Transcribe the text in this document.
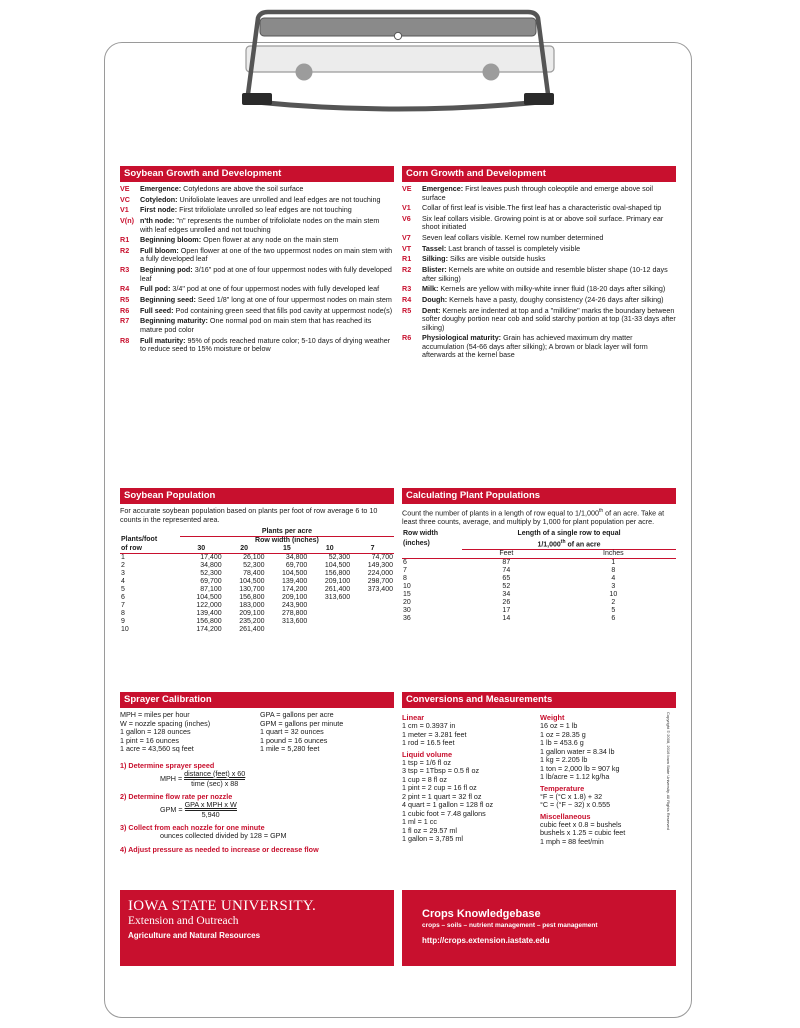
Soybean Growth and Development
VE	Emergence: Cotyledons are above the soil surface
VC	Cotyledon: Unifoliolate leaves are unrolled and leaf edges are not touching
V1	First node: First trifoliolate unrolled so leaf edges are not touching
V(n) n'th node: "n" represents the number of trifoliolate nodes on the main stem with leaf edges unrolled and not touching
R1	Beginning bloom: Open flower at any node on the main stem
R2	Full bloom: Open flower at one of the two uppermost nodes on main stem with a fully developed leaf
R3	Beginning pod: 3/16" pod at one of four uppermost nodes with fully developed leaf
R4	Full pod: 3/4" pod at one of four uppermost nodes with fully developed leaf
R5	Beginning seed: Seed 1/8" long at one of four uppermost nodes on main stem
R6	Full seed: Pod containing green seed that fills pod cavity at uppermost node(s)
R7	Beginning maturity: One normal pod on main stem that has reached its mature pod color
R8	Full maturity: 95% of pods reached mature color; 5-10 days of drying weather to reduce seed to 15% moisture or below
Corn Growth and Development
VE	Emergence: First leaves push through coleoptile and emerge above soil surface
V1	Collar of first leaf is visible.The first leaf has a characteristic oval-shaped tip
V6	Six leaf collars visible. Growing point is at or above soil surface. Primary ear shoot initiated
V7	Seven leaf collars visible. Kernel row number determined
VT	Tassel: Last branch of tassel is completely visible
R1	Silking: Silks are visible outside husks
R2	Blister: Kernels are white on outside and resemble blister shape (10-12 days after silking)
R3	Milk: Kernels are yellow with milky-white inner fluid (18-20 days after silking)
R4	Dough: Kernels have a pasty, doughy consistency (24-26 days after silking)
R5	Dent: Kernels are indented at top and a "milkline" marks the boundary between softer doughy portion near cob and solid starchy portion at top (31-33 days after silking)
R6	Physiological maturity: Grain has achieved maximum dry matter accumulation (54-66 days after silking); A brown or black layer will form afterwards at the kernel base
Soybean Population
For accurate soybean population based on plants per foot of row average 6 to 10 counts in the represented area.
	Plants per acre				
Plants/foot	Row width (inches)				
of row	30	20	15	10	7
1	17,400	26,100	34,800	52,300	74,700
2	34,800	52,300	69,700	104,500	149,300
3	52,300	78,400	104,500	156,800	224,000
4	69,700	104,500	139,400	209,100	298,700
5	87,100	130,700	174,200	261,400	373,400
6	104,500	156,800	209,100	313,600	
7	122,000	183,000	243,900		
8	139,400	209,100	278,800		
9	156,800	235,200	313,600		
10	174,200	261,400			
Calculating Plant Populations
Count the number of plants in a length of row equal to 1/1,000th of an acre. Take at least three counts, average, and multiply by 1,000 for plant population per acre.
Row width	Length of a single row to equal	
(inches)	1/1,000th of an acre	
	Feet	Inches
6	87	1
7	74	8
8	65	4
10	52	3
15	34	10
20	26	2
30	17	5
36	14	6
Sprayer Calibration
MPH = miles per hour
W = nozzle spacing (inches)
1 gallon = 128 ounces
1 pint = 16 ounces
1 acre = 43,560 sq feet
GPA = gallons per acre
GPM = gallons per minute
1 quart = 32 ounces
1 pound = 16 ounces
1 mile = 5,280 feet
1) Determine sprayer speed
MPH = $\frac{\text{distance (feet) x 60}}{\text{time (sec) x 88}}$
2) Determine flow rate per nozzle
GPM = $\frac{\text{GPA x MPH x W}}{5,940}$
3) Collect from each nozzle for one minute
ounces collected divided by 128 = GPM
4) Adjust pressure as needed to increase or decrease flow
Conversions and Measurements
Linear
1 cm = 0.3937 in
1 meter = 3.281 feet
1 rod = 16.5 feet
Liquid volume
1 tsp = 1/6 fl oz
3 tsp = 1Tbsp = 0.5 fl oz
1 cup = 8 fl oz
1 pint = 2 cup = 16 fl oz
2 pint = 1 quart = 32 fl oz
4 quart = 1 gallon = 128 fl oz
1 cubic foot = 7.48 gallons
1 ml = 1 cc
1 fl oz = 29.57 ml
1 gallon = 3,785 ml
Weight
16 oz = 1 lb
1 oz = 28.35 g
1 lb = 453.6 g
1 gallon water = 8.34 lb
1 kg = 2.205 lb
1 ton = 2,000 lb = 907 kg
1 lb/acre = 1.12 kg/ha
Temperature
°F = (°C x 1.8) + 32
°C = (°F − 32) x 0.555
Miscellaneous
cubic feet x 0.8 = bushels
bushels x 1.25 = cubic feet
1 mph = 88 feet/min
Copyright © 2008, 2016 Iowa State University. All Rights Reserved
IOWA STATE UNIVERSITY.
Extension and Outreach
Agriculture and Natural Resources
Crops Knowledgebase
crops – soils – nutrient management – pest management
http://crops.extension.iastate.edu
